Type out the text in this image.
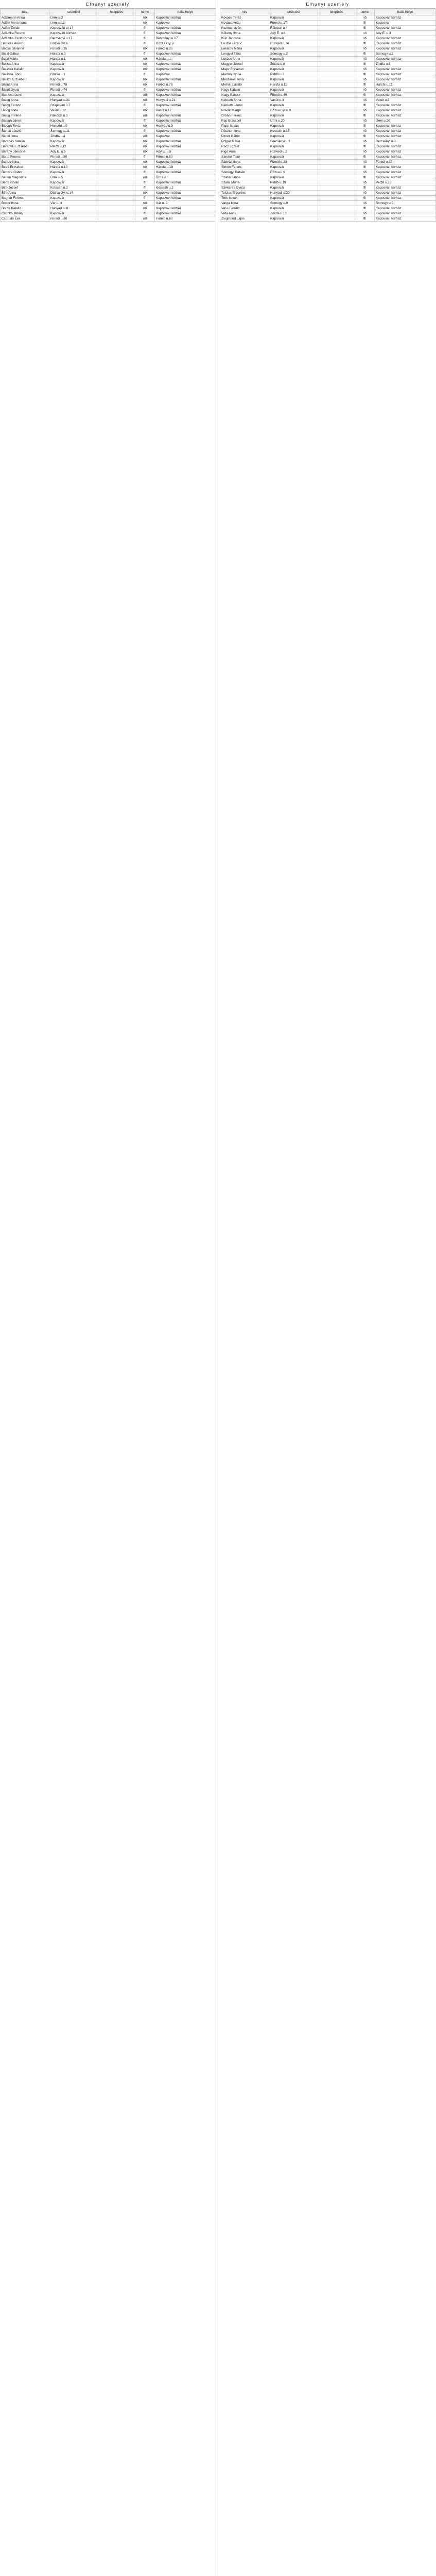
Elhunyt személy
név	születési	település	neme	halál helye
Adelmann Anna	Ürmi u.2		nő	Kaposvári kórház
Ádám Anna Ilona	Ürmi u.12		nő	Kaposvár
Ádám Zoltán	Kaposvári út 14		ffi	Kaposvári kórház
Ádámka Ferenc	Kaposvári kórház		ffi	Kaposvári kórház
Ádámka Zsolt Kornél	Bercsényi u.17		ffi	Bercsényi u.17
Bábicz Ferenc	Dózsa Gy. u.		ffi	Dózsa Gy. u.
Bacsa Istvánné	Füredi u.35		nő	Füredi u.35
Bajai Gábor	Hársfa u.9		ffi	Kaposvári kórház
Bajai Mária	Hársfa u.1		nő	Hársfa u.1
Baksa Anna	Kaposvár		nő	Kaposvári kórház
Balassa Katalin	Kaposvár		nő	Kaposvári kórház
Balassa Tibor	Rózsa u.1		ffi	Kaposvár
Balázs Erzsébet	Kaposvár		nő	Kaposvári kórház
Bálint Anna	Füredi u.78		nő	Füredi u.78
Bálint Gyula	Füredi u.74		ffi	Kaposvári kórház
Bali Andrásné	Kaposvár		nő	Kaposvári kórház
Balog Anna	Hunyadi u.21		nő	Hunyadi u.21
Balog Ferenc	Szigetvári u.7		ffi	Kaposvári kórház
Balog Ilona	Vasút u.12		nő	Vasút u.12
Balog Imréné	Rákóczi u.3		nő	Kaposvári kórház
Balogh János	Kaposvár		ffi	Kaposvári kórház
Balogh Teréz	Honvéd u.9		nő	Honvéd u.9
Bánfai László	Somogy u.11		ffi	Kaposvári kórház
Bánki Ilona	Zöldfa u.4		nő	Kaposvár
Barabás Katalin	Kaposvár		nő	Kaposvári kórház
Baranyai Erzsébet	Petőfi u.12		nő	Kaposvári kórház
Bárány Jánosné	Ady E. u.5		nő	Ady E. u.5
Barta Ferenc	Füredi u.50		ffi	Füredi u.50
Bartos Ilona	Kaposvár		nő	Kaposvári kórház
Bedő Erzsébet	Hársfa u.19		nő	Hársfa u.19
Bencze Gábor	Kaposvár		ffi	Kaposvári kórház
Benkő Magdolna	Ürmi u.5		nő	Ürmi u.5
Berta István	Kaposvár		ffi	Kaposvári kórház
Bíró József	Kossuth u.2		ffi	Kossuth u.2
Bíró Anna	Dózsa Gy. u.14		nő	Kaposvári kórház
Bognár Ferenc	Kaposvár		ffi	Kaposvári kórház
Bodor Ilona	Vár u. 3		nő	Vár u. 3
Boros Katalin	Hunyadi u.8		nő	Kaposvári kórház
Csonka Mihály	Kaposvár		ffi	Kaposvári kórház
Csordás Éva	Füredi u.60		nő	Füredi u.60
Elhunyt személy
név	születési	település	neme	halál helye
Kovács Teréz	Kaposvár		nő	Kaposvári kórház
Kovács Antal	Füredi u.17		ffi	Kaposvár
Kozma István	Rákóczi u.4		ffi	Kaposvári kórház
Kökény Ilona	Ady E. u.3		nő	Ady E. u.3
Kun Jánosné	Kaposvár		nő	Kaposvári kórház
László Ferenc	Honvéd u.14		ffi	Kaposvári kórház
Lakatos Mária	Kaposvár		nő	Kaposvári kórház
Lengyel Tibor	Somogy u.2		ffi	Somogy u.2
Lukács Anna	Kaposvár		nő	Kaposvári kórház
Magyar József	Zöldfa u.8		ffi	Zöldfa u.8
Major Erzsébet	Kaposvár		nő	Kaposvári kórház
Marton Gyula	Petőfi u.7		ffi	Kaposvári kórház
Mészáros Ilona	Kaposvár		nő	Kaposvári kórház
Molnár László	Hársfa u.11		ffi	Hársfa u.11
Nagy Katalin	Kaposvár		nő	Kaposvári kórház
Nagy Sándor	Füredi u.40		ffi	Kaposvári kórház
Németh Anna	Vasút u.3		nő	Vasút u.3
Németh János	Kaposvár		ffi	Kaposvári kórház
Novák Margit	Dózsa Gy. u.9		nő	Kaposvári kórház
Orbán Ferenc	Kaposvár		ffi	Kaposvári kórház
Pap Erzsébet	Ürmi u.20		nő	Ürmi u.20
Papp István	Kaposvár		ffi	Kaposvári kórház
Pásztor Ilona	Kossuth u.15		nő	Kaposvári kórház
Pintér Gábor	Kaposvár		ffi	Kaposvári kórház
Polgár Mária	Bercsényi u.3		nő	Bercsényi u.3
Rácz József	Kaposvár		ffi	Kaposvári kórház
Rigó Anna	Honvéd u.2		nő	Kaposvári kórház
Sándor Tibor	Kaposvár		ffi	Kaposvári kórház
Sárközi Ilona	Füredi u.33		nő	Füredi u.33
Simon Ferenc	Kaposvár		ffi	Kaposvári kórház
Somogyi Katalin	Rózsa u.6		nő	Kaposvári kórház
Szabó János	Kaposvár		ffi	Kaposvári kórház
Szalai Mária	Petőfi u.19		nő	Petőfi u.19
Szekeres Gyula	Kaposvár		ffi	Kaposvári kórház
Takács Erzsébet	Hunyadi u.30		nő	Kaposvári kórház
Tóth István	Kaposvár		ffi	Kaposvári kórház
Varga Ilona	Somogy u.9		nő	Somogy u.9
Vass Ferenc	Kaposvár		ffi	Kaposvári kórház
Vida Anna	Zöldfa u.12		nő	Kaposvári kórház
Zsigmond Lajos	Kaposvár		ffi	Kaposvári kórház
